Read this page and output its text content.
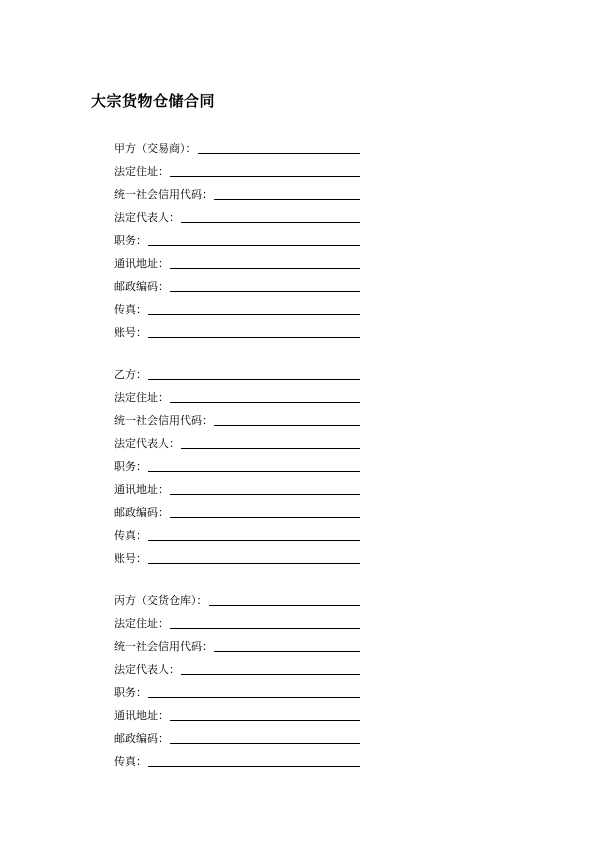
大宗货物仓储合同
甲方（交易商）：
法定住址：
统一社会信用代码：
法定代表人：
职务：
通讯地址：
邮政编码：
传真：
账号：
乙方：
法定住址：
统一社会信用代码：
法定代表人：
职务：
通讯地址：
邮政编码：
传真：
账号：
丙方（交货仓库）：
法定住址：
统一社会信用代码：
法定代表人：
职务：
通讯地址：
邮政编码：
传真：
